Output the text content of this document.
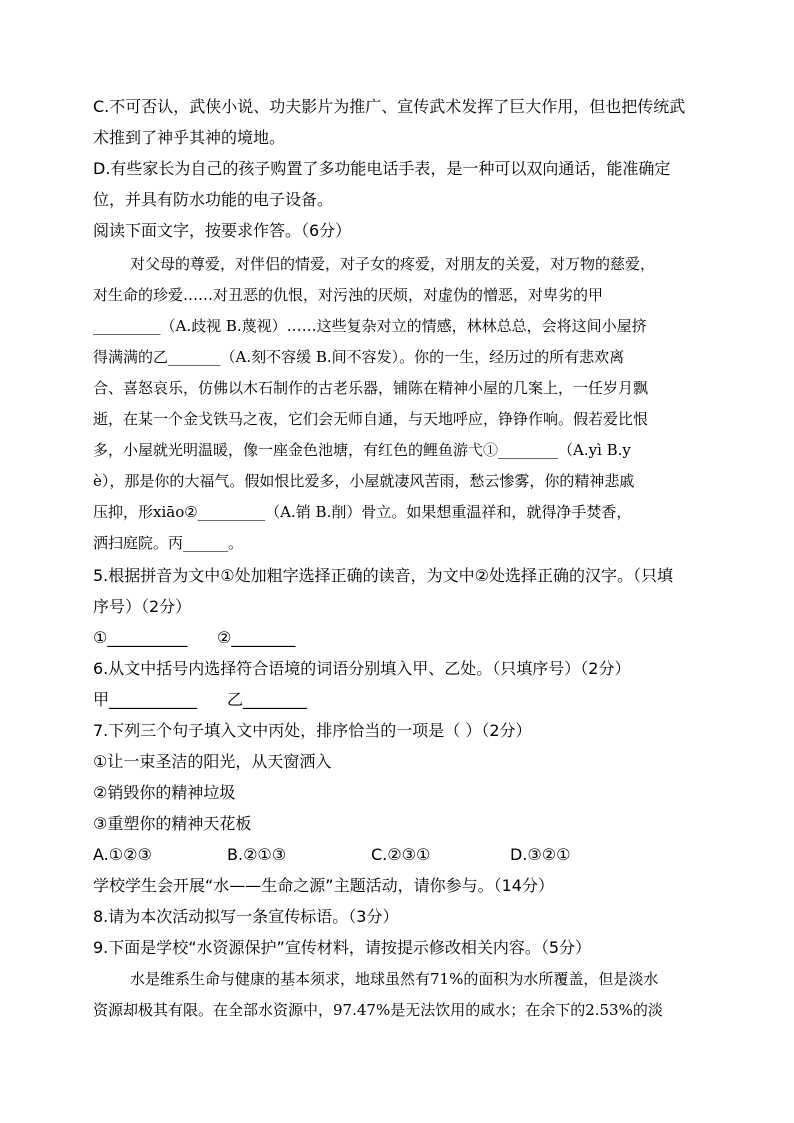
C.不可否认，武侠小说、功夫影片为推广、宣传武术发挥了巨大作用，但也把传统武
术推到了神乎其神的境地。
D.有些家长为自己的孩子购置了多功能电话手表，是一种可以双向通话，能准确定
位，并具有防水功能的电子设备。
阅读下面文字，按要求作答。（6分）
对父母的尊爱，对伴侣的情爱，对子女的疼爱，对朋友的关爱，对万物的慈爱，
对生命的珍爱……对丑恶的仇恨，对污浊的厌烦，对虚伪的憎恶，对卑劣的甲
_________（A.歧视 B.蔑视）……这些复杂对立的情感，林林总总，会将这间小屋挤
得满满的乙_______（A.刻不容缓 B.间不容发）。你的一生，经历过的所有悲欢离
合、喜怒哀乐，仿佛以木石制作的古老乐器，铺陈在精神小屋的几案上，一任岁月飘
逝，在某一个金戈铁马之夜，它们会无师自通，与天地呼应，铮铮作响。假若爱比恨
多，小屋就光明温暖，像一座金色池塘，有红色的鲤鱼游弋①________（A.yì B.y
è），那是你的大福气。假如恨比爱多，小屋就凄风苦雨，愁云惨雾，你的精神悲戚
压抑，形xiāo②_________（A.销 B.削）骨立。如果想重温祥和，就得净手焚香，
洒扫庭院。丙______。
5.根据拼音为文中①处加粗字选择正确的读音，为文中②处选择正确的汉字。（只填
序号）（2分）
①__________ ②________
6.从文中括号内选择符合语境的词语分别填入甲、乙处。（只填序号）（2分）
甲___________ 乙________
7.下列三个句子填入文中丙处，排序恰当的一项是（ ）（2分）
①让一束圣洁的阳光，从天窗洒入
②销毁你的精神垃圾
③重塑你的精神天花板
A.①②③	B.②①③	C.②③①	D.③②①
学校学生会开展“水——生命之源”主题活动，请你参与。（14分）
8.请为本次活动拟写一条宣传标语。（3分）
9.下面是学校“水资源保护”宣传材料，请按提示修改相关内容。（5分）
水是维系生命与健康的基本须求，地球虽然有71%的面积为水所覆盖，但是淡水
资源却极其有限。在全部水资源中，97.47%是无法饮用的咸水；在余下的2.53%的淡
